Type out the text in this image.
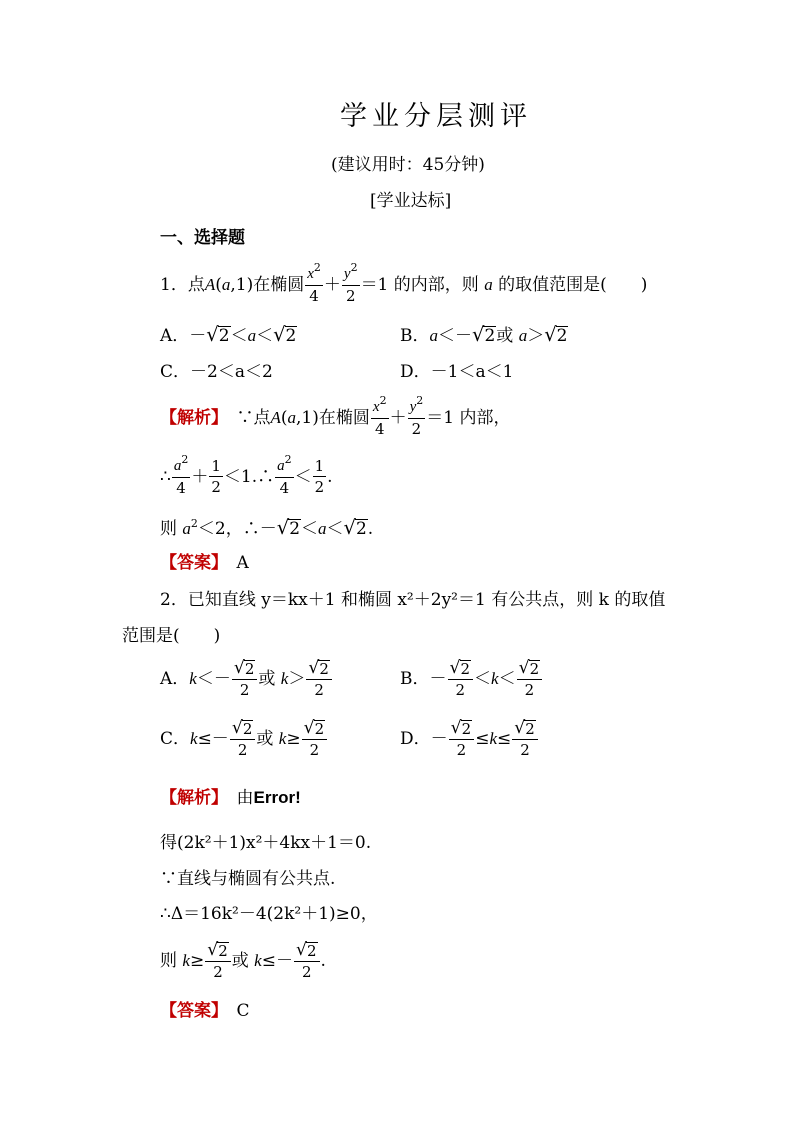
学业分层测评
(建议用时：45分钟)
[学业达标]
一、选择题
1．点A(a,1)在椭圆 $\frac{x^2}{4} + \frac{y^2}{2} =1$ 的内部，则 a 的取值范围是(　　)
A．－ √ 2 ＜a＜ √ 2	B．a＜－ √ 2 或 a＞ √ 2
C．－2＜a＜2	D．－1＜a＜1
【解析】　 ∵点A(a,1)在椭圆 $\frac{x^2}{4} + \frac{y^2}{2} =1$ 内部，
∴ $\frac{a^2}{4} + \frac{1}{2}$ ＜1.∴ $\frac{a^2}{4} < \frac{1}{2}$ .
则 $a^2<2$，∴－ √ 2 ＜a＜ √ 2 .
【答案】　 A
2．已知直线 y＝kx＋1 和椭圆 x²＋2y²＝1 有公共点，则 k 的取值
范围是(　　)
A．$k<- \frac{√ 2}{2}$ 或 $k> \frac{√ 2}{2}$	B．－ $\frac{√ 2}{2} <k< \frac{√ 2}{2}$
C．$k\le- \frac{√ 2}{2}$ 或 $k\ge \frac{√ 2}{2}$	D．－ $\frac{√ 2}{2} \le k\le \frac{√ 2}{2}$
【解析】　 由Error!
得(2k²＋1)x²＋4kx＋1＝0.
∵直线与椭圆有公共点.
∴Δ＝16k²－4(2k²＋1)≥0，
则 $k\ge \frac{√ 2}{2}$ 或 $k\le- \frac{√ 2}{2}$ .
【答案】　 C
